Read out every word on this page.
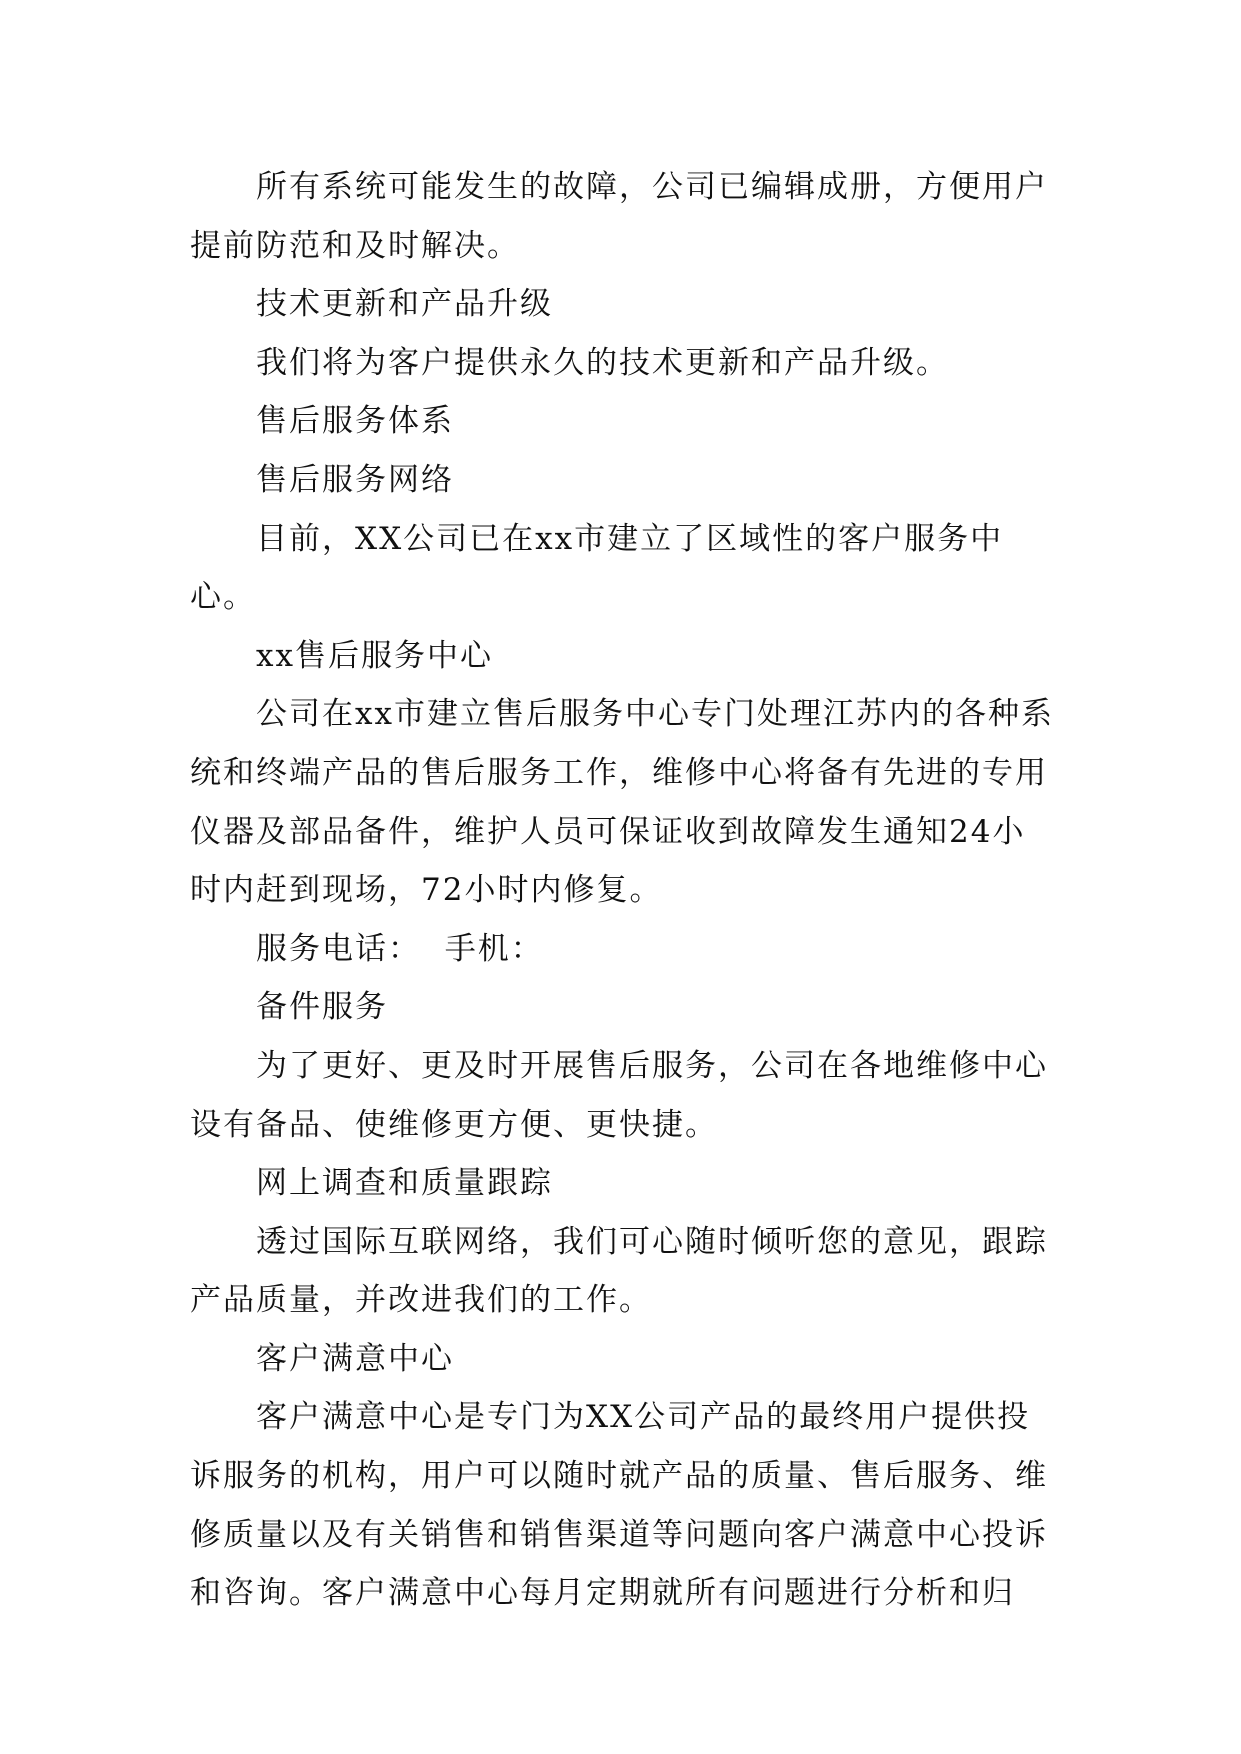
所有系统可能发生的故障，公司已编辑成册，方便用户提前防范和及时解决。

技术更新和产品升级

我们将为客户提供永久的技术更新和产品升级。

售后服务体系

售后服务网络

目前，XX公司已在xx市建立了区域性的客户服务中心。

xx售后服务中心

公司在xx市建立售后服务中心专门处理江苏内的各种系统和终端产品的售后服务工作，维修中心将备有先进的专用仪器及部品备件，维护人员可保证收到故障发生通知24小时内赶到现场，72小时内修复。

服务电话：  手机：

备件服务

为了更好、更及时开展售后服务，公司在各地维修中心设有备品、使维修更方便、更快捷。

网上调查和质量跟踪

透过国际互联网络，我们可心随时倾听您的意见，跟踪产品质量，并改进我们的工作。

客户满意中心

客户满意中心是专门为XX公司产品的最终用户提供投诉服务的机构，用户可以随时就产品的质量、售后服务、维修质量以及有关销售和销售渠道等问题向客户满意中心投诉和咨询。客户满意中心每月定期就所有问题进行分析和归
